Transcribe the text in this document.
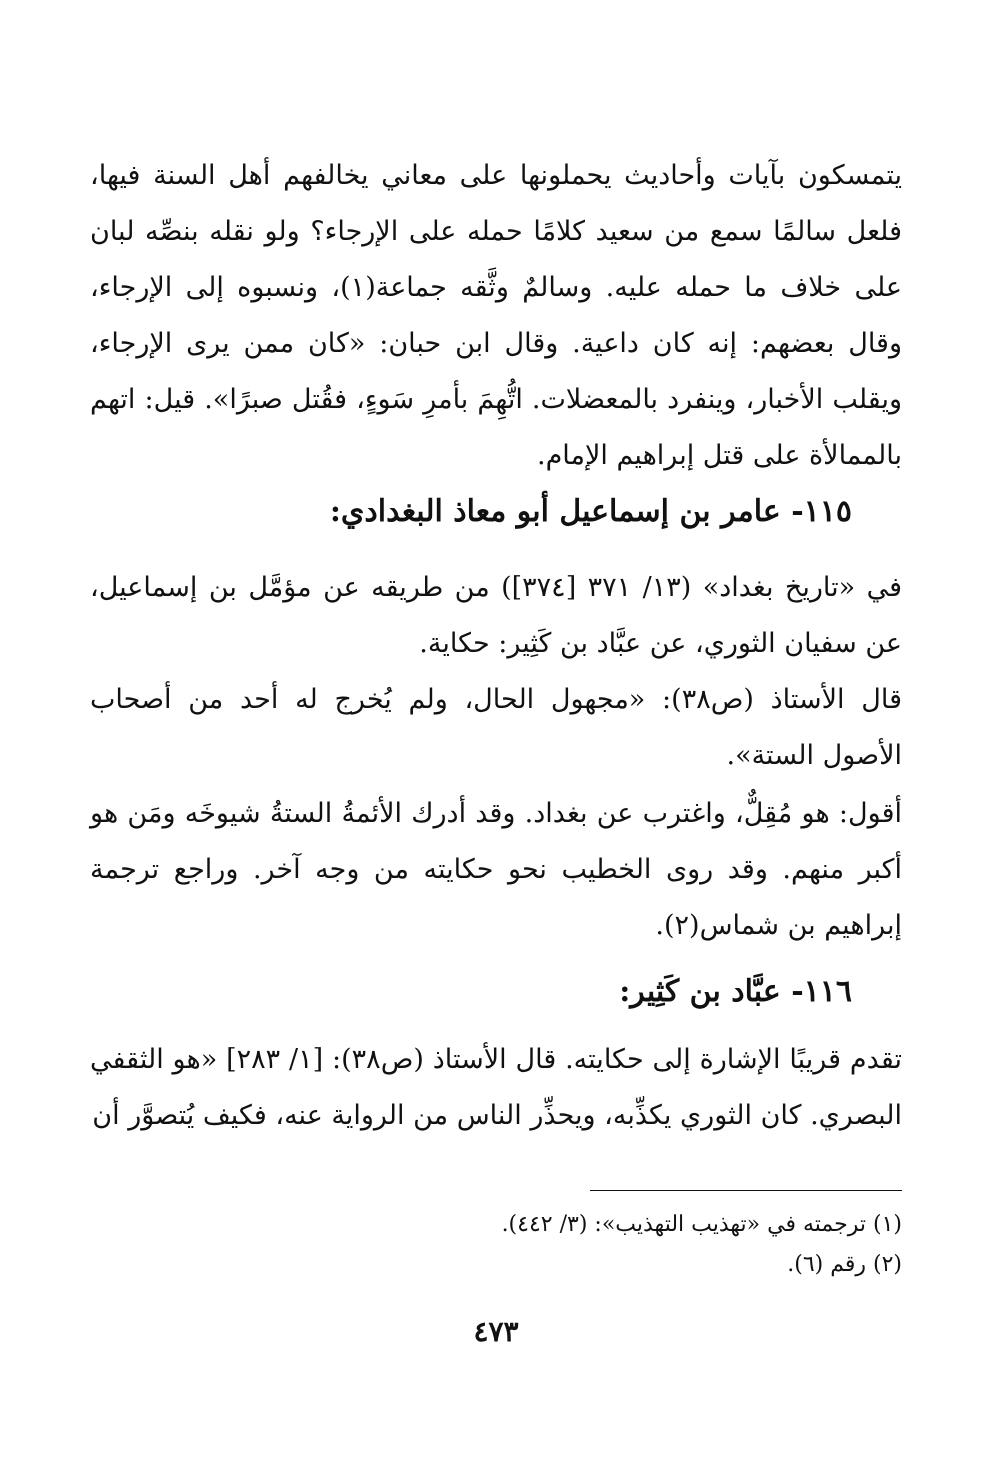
يتمسكون بآيات وأحاديث يحملونها على معاني يخالفهم أهل السنة فيها، فلعل سالمًا سمع من سعيد كلامًا حمله على الإرجاء؟ ولو نقله بنصِّه لبان على خلاف ما حمله عليه. وسالمٌ وثَّقه جماعة(١)، ونسبوه إلى الإرجاء، وقال بعضهم: إنه كان داعية. وقال ابن حبان: «كان ممن يرى الإرجاء، ويقلب الأخبار، وينفرد بالمعضلات. اتُّهِمَ بأمرِ سَوءٍ، فقُتل صبرًا». قيل: اتهم بالممالأة على قتل إبراهيم الإمام.

١١٥- عامر بن إسماعيل أبو معاذ البغدادي:

في «تاريخ بغداد» (١٣/ ٣٧١ [٣٧٤]) من طريقه عن مؤمَّل بن إسماعيل، عن سفيان الثوري، عن عبَّاد بن كَثِير: حكاية.

قال الأستاذ (ص٣٨): «مجهول الحال، ولم يُخرج له أحد من أصحاب الأصول الستة».

أقول: هو مُقِلٌّ، واغترب عن بغداد. وقد أدرك الأئمةُ الستةُ شيوخَه ومَن هو أكبر منهم. وقد روى الخطيب نحو حكايته من وجه آخر. وراجع ترجمة إبراهيم بن شماس(٢).

١١٦- عبَّاد بن كَثِير:

تقدم قريبًا الإشارة إلى حكايته. قال الأستاذ (ص٣٨): [١/ ٢٨٣] «هو الثقفي البصري. كان الثوري يكذِّبه، ويحذِّر الناس من الرواية عنه، فكيف يُتصوَّر أن

(١) ترجمته في «تهذيب التهذيب»: (٣/ ٤٤٢).

(٢) رقم (٦).

٤٧٣
